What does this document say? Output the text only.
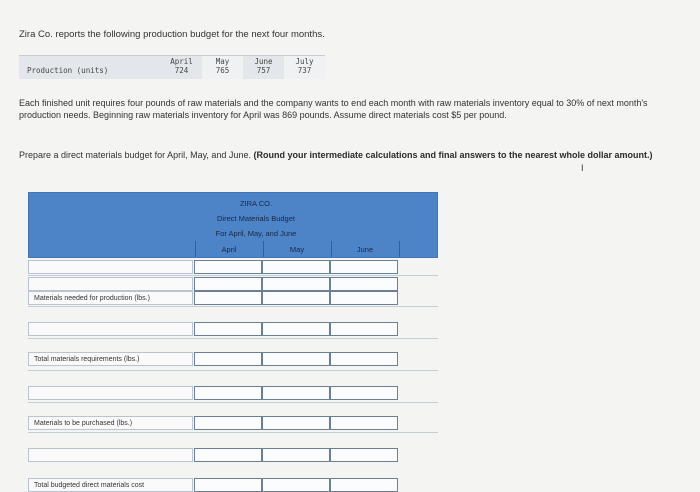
Zira Co. reports the following production budget for the next four months.
Production (units)
April
724
May
765
June
757
July
737
Each finished unit requires four pounds of raw materials and the company wants to end each month with raw materials inventory equal to 30% of next month's production needs. Beginning raw materials inventory for April was 869 pounds. Assume direct materials cost $5 per pound.
Prepare a direct materials budget for April, May, and June. (Round your intermediate calculations and final answers to the nearest whole dollar amount.)
I
ZIRA CO.
Direct Materials Budget
For April, May, and June
April	May	June
Materials needed for production (lbs.)
Total materials requirements (lbs.)
Materials to be purchased (lbs.)
Total budgeted direct materials cost
